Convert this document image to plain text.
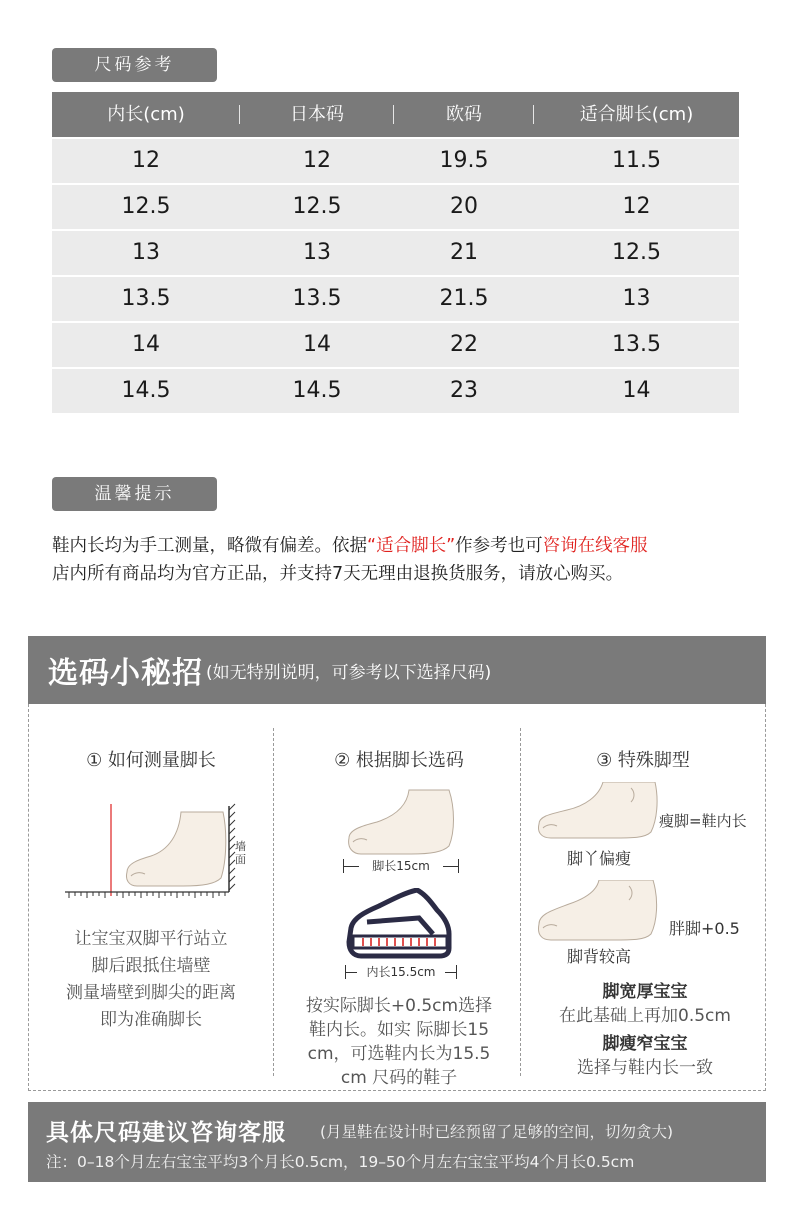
尺码参考
内长(cm)	日本码	欧码	适合脚长(cm)
12	12	19.5	11.5
12.5	12.5	20	12
13	13	21	12.5
13.5	13.5	21.5	13
14	14	22	13.5
14.5	14.5	23	14
温馨提示
鞋内长均为手工测量，略微有偏差。依据“适合脚长”作参考也可咨询在线客服
店内所有商品均为官方正品，并支持7天无理由退换货服务，请放心购买。
选码小秘招 (如无特别说明，可参考以下选择尺码)
① 如何测量脚长
墙面
让宝宝双脚平行站立
脚后跟抵住墙壁
测量墙壁到脚尖的距离
即为准确脚长
② 根据脚长选码
脚长15cm
内长15.5cm
按实际脚长+0.5cm选择
鞋内长。如实 际脚长15
cm，可选鞋内长为15.5
cm 尺码的鞋子
③ 特殊脚型
瘦脚=鞋内长
脚丫偏瘦
胖脚+0.5
脚背较高
脚宽厚宝宝
在此基础上再加0.5cm
脚瘦窄宝宝
选择与鞋内长一致
具体尺码建议咨询客服 (月星鞋在设计时已经预留了足够的空间，切勿贪大)
注：0–18个月左右宝宝平均3个月长0.5cm，19–50个月左右宝宝平均4个月长0.5cm
